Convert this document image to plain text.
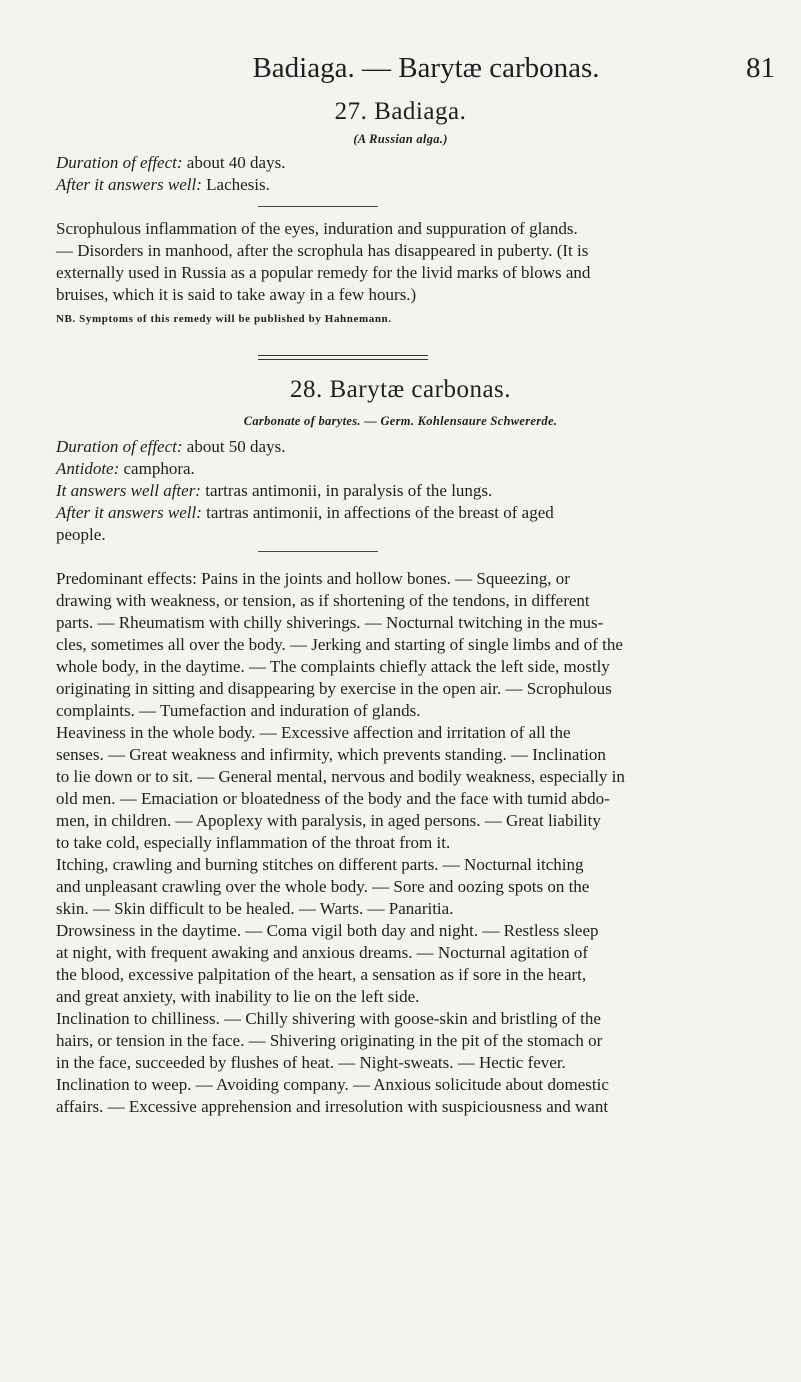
Badiaga. — Barytæ carbonas.	81
27. Badiaga.
(A Russian alga.)
Duration of effect: about 40 days.
After it answers well: Lachesis.
Scrophulous inflammation of the eyes, induration and suppuration of glands.
— Disorders in manhood, after the scrophula has disappeared in puberty. (It is
externally used in Russia as a popular remedy for the livid marks of blows and
bruises, which it is said to take away in a few hours.)
NB. Symptoms of this remedy will be published by Hahnemann.
28. Barytæ carbonas.
Carbonate of barytes. — Germ. Kohlensaure Schwererde.
Duration of effect: about 50 days.
Antidote: camphora.
It answers well after: tartras antimonii, in paralysis of the lungs.
After it answers well: tartras antimonii, in affections of the breast of aged
people.
Predominant effects: Pains in the joints and hollow bones. — Squeezing, or
drawing with weakness, or tension, as if shortening of the tendons, in different
parts. — Rheumatism with chilly shiverings. — Nocturnal twitching in the mus-
cles, sometimes all over the body. — Jerking and starting of single limbs and of the
whole body, in the daytime. — The complaints chiefly attack the left side, mostly
originating in sitting and disappearing by exercise in the open air. — Scrophulous
complaints. — Tumefaction and induration of glands.
Heaviness in the whole body. — Excessive affection and irritation of all the
senses. — Great weakness and infirmity, which prevents standing. — Inclination
to lie down or to sit. — General mental, nervous and bodily weakness, especially in
old men. — Emaciation or bloatedness of the body and the face with tumid abdo-
men, in children. — Apoplexy with paralysis, in aged persons. — Great liability
to take cold, especially inflammation of the throat from it.
Itching, crawling and burning stitches on different parts. — Nocturnal itching
and unpleasant crawling over the whole body. — Sore and oozing spots on the
skin. — Skin difficult to be healed. — Warts. — Panaritia.
Drowsiness in the daytime. — Coma vigil both day and night. — Restless sleep
at night, with frequent awaking and anxious dreams. — Nocturnal agitation of
the blood, excessive palpitation of the heart, a sensation as if sore in the heart,
and great anxiety, with inability to lie on the left side.
Inclination to chilliness. — Chilly shivering with goose-skin and bristling of the
hairs, or tension in the face. — Shivering originating in the pit of the stomach or
in the face, succeeded by flushes of heat. — Night-sweats. — Hectic fever.
Inclination to weep. — Avoiding company. — Anxious solicitude about domestic
affairs. — Excessive apprehension and irresolution with suspiciousness and want
